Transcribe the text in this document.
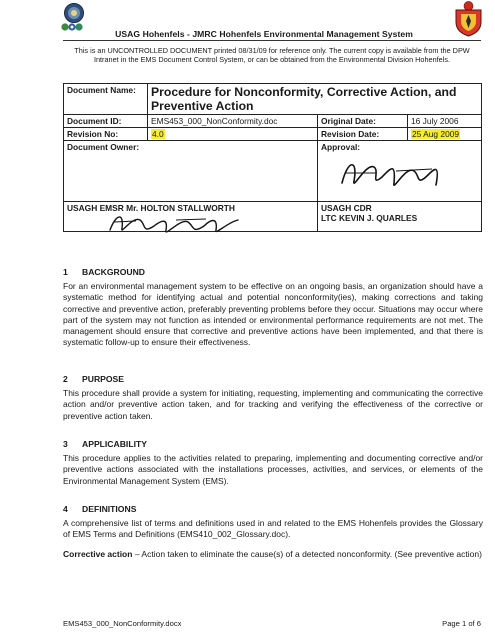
USAG Hohenfels - JMRC Hohenfels Environmental Management System
This is an UNCONTROLLED DOCUMENT printed 08/31/09 for reference only. The current copy is available from the DPW Intranet in the EMS Document Control System, or can be obtained from the Environmental Division Hohenfels.
Document Name:	Procedure for Nonconformity, Corrective Action, and Preventive Action		
Document ID:	EMS453_000_NonConformity.doc	Original Date:	16 July 2006
Revision No:	4.0	Revision Date:	25 Aug 2009
Document Owner:		Approval:	

USAGH EMSR Mr. HOLTON STALLWORTH		USAGH CDR
LTC KEVIN J. QUARLES	
1 BACKGROUND

For an environmental management system to be effective on an ongoing basis, an organization should have a systematic method for identifying actual and potential nonconformity(ies), making corrections and taking corrective and preventive action, preferably preventing problems before they occur. Situations may occur where part of the system may not function as intended or environmental performance requirements are not met. The management should ensure that corrective and preventive actions have been implemented, and that there is systematic follow-up to ensure their effectiveness.

2 PURPOSE

This procedure shall provide a system for initiating, requesting, implementing and communicating the corrective action and/or preventive action taken, and for tracking and verifying the effectiveness of the corrective or preventive action taken.

3 APPLICABILITY

This procedure applies to the activities related to preparing, implementing and documenting corrective and/or preventive actions associated with the installations processes, activities, and services, or elements of the Environmental Management System (EMS).

4 DEFINITIONS

A comprehensive list of terms and definitions used in and related to the EMS Hohenfels provides the Glossary of EMS Terms and Definitions (EMS410_002_Glossary.doc).

Corrective action – Action taken to eliminate the cause(s) of a detected nonconformity. (See preventive action)

EMS453_000_NonConformity.docx	Page 1 of 6
